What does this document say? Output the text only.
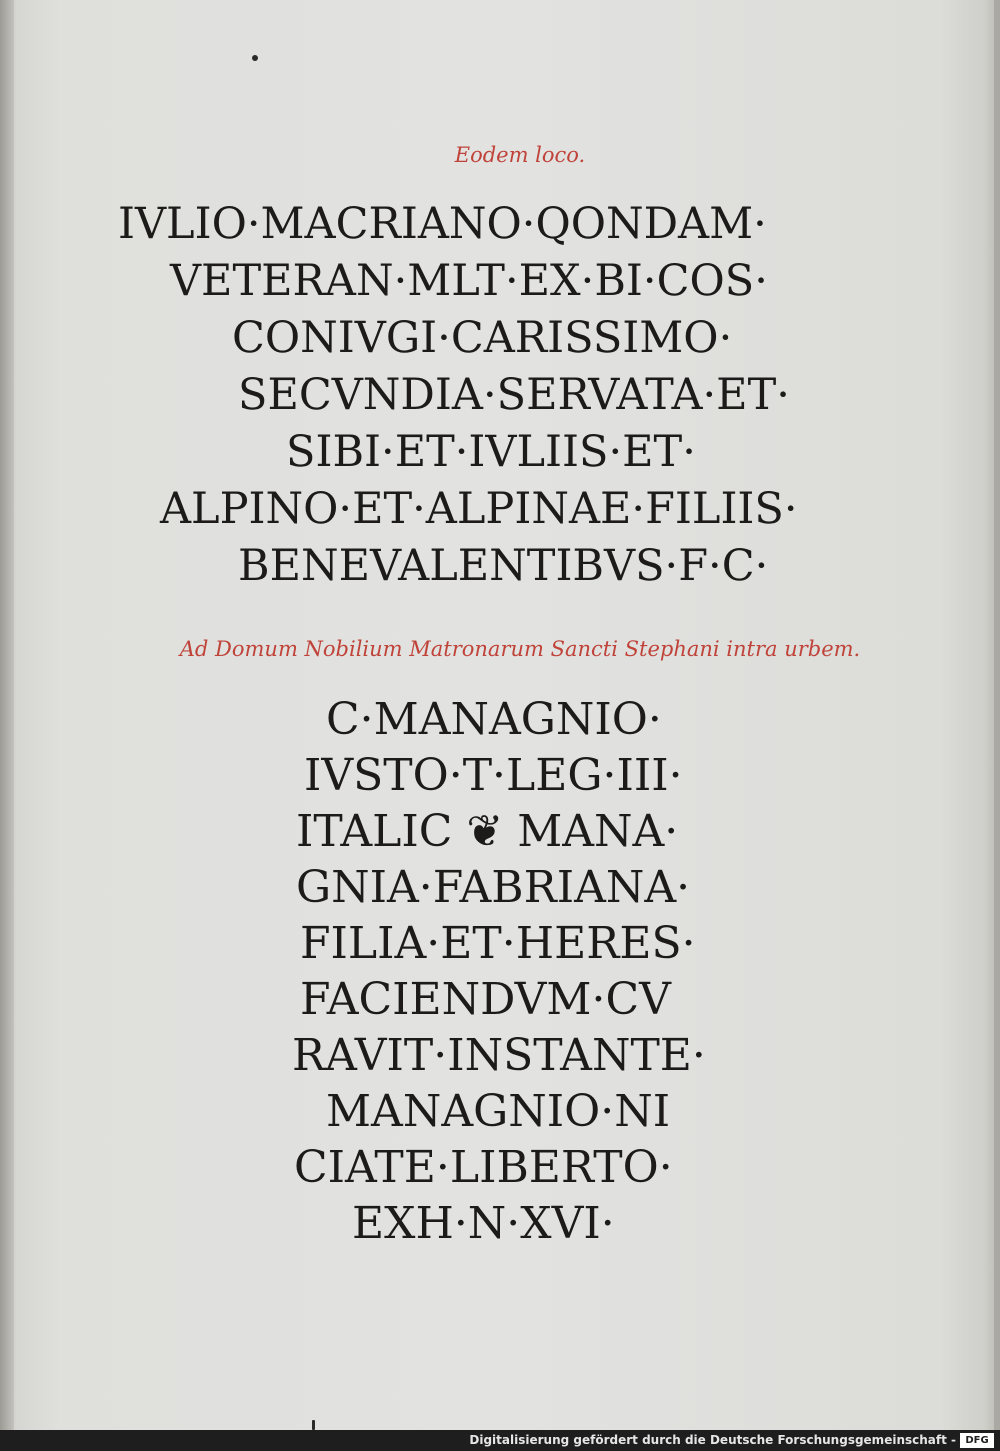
Eodem loco.
IVLIO·MACRIANO·QONDAM·
VETERAN·MLT·EX·BI·COS·
CONIVGI·CARISSIMO·
SECVNDIA·SERVATA·ET·
SIBI·ET·IVLIIS·ET·
ALPINO·ET·ALPINAE·FILIIS·
BENEVALENTIBVS·F·C·
Ad Domum Nobilium Matronarum Sancti Stephani intra urbem.
C·MANAGNIO·
IVSTO·T·LEG·III·
ITALIC ❦ MANA·
GNIA·FABRIANA·
FILIA·ET·HERES·
FACIENDVM·CV
RAVIT·INSTANTE·
MANAGNIO·NI
CIATE·LIBERTO·
EXH·N·XVI·
Digitalisierung gefördert durch die Deutsche Forschungsgemeinschaft - DFG
